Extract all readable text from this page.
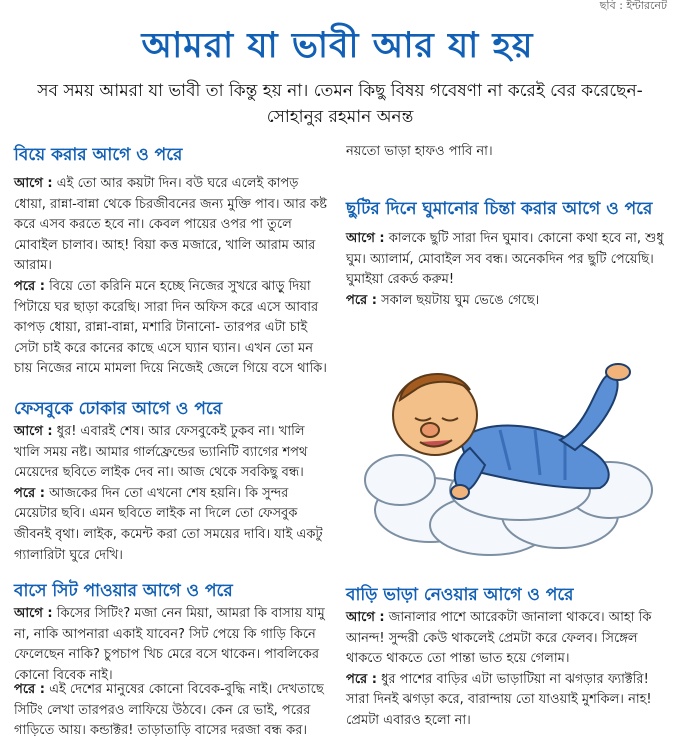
ছবি : ইন্টারনেট
আমরা যা ভাবী আর যা হয়

সব সময় আমরা যা ভাবী তা কিন্তু হয় না। তেমন কিছু বিষয় গবেষণা না করেই বের করেছেন- সোহানুর রহমান অনন্ত

বিয়ে করার আগে ও পরে

আগে : এই তো আর কয়টা দিন। বউ ঘরে এলেই কাপড় ধোয়া, রান্না-বান্না থেকে চিরজীবনের জন্য মুক্তি পাব। আর কষ্ট করে এসব করতে হবে না। কেবল পায়ের ওপর পা তুলে মোবাইল চালাব। আহ! বিয়া কত্ত মজারে, খালি আরাম আর আরাম।

পরে : বিয়ে তো করিনি মনে হচ্ছে নিজের সুখরে ঝাড়ু দিয়া পিটায়ে ঘর ছাড়া করেছি। সারা দিন অফিস করে এসে আবার কাপড় ধোয়া, রান্না-বান্না, মশারি টানানো- তারপর এটা চাই সেটা চাই করে কানের কাছে এসে ঘ্যান ঘ্যান। এখন তো মন চায় নিজের নামে মামলা দিয়ে নিজেই জেলে গিয়ে বসে থাকি।

ফেসবুকে ঢোকার আগে ও পরে

আগে : ধুর! এবারই শেষ। আর ফেসবুকেই ঢুকব না। খালি খালি সময় নষ্ট। আমার গার্লফ্রেন্ডের ভ্যানিটি ব্যাগের শপথ মেয়েদের ছবিতে লাইক দেব না। আজ থেকে সবকিছু বন্ধ।

পরে : আজকের দিন তো এখনো শেষ হয়নি। কি সুন্দর মেয়েটার ছবি। এমন ছবিতে লাইক না দিলে তো ফেসবুক জীবনই বৃথা। লাইক, কমেন্ট করা তো সময়ের দাবি। যাই একটু গ্যালারিটা ঘুরে দেখি।

বাসে সিট পাওয়ার আগে ও পরে

আগে : কিসের সিটিং? মজা নেন মিয়া, আমরা কি বাসায় যামু না, নাকি আপনারা একাই যাবেন? সিট পেয়ে কি গাড়ি কিনে ফেলেছেন নাকি? চুপচাপ খিচ মেরে বসে থাকেন। পাবলিকের কোনো বিবেক নাই।

পরে : এই দেশের মানুষের কোনো বিবেক-বুদ্ধি নাই। দেখতাছে সিটিং লেখা তারপরও লাফিয়ে উঠবে। কেন রে ভাই, পরের গাড়িতে আয়। কন্ডাক্টর! তাড়াতাড়ি বাসের দরজা বন্ধ কর।

নয়তো ভাড়া হাফও পাবি না।

ছুটির দিনে ঘুমানোর চিন্তা করার আগে ও পরে

আগে : কালকে ছুটি সারা দিন ঘুমাব। কোনো কথা হবে না, শুধু ঘুম। অ্যালার্ম, মোবাইল সব বন্ধ। অনেকদিন পর ছুটি পেয়েছি। ঘুমাইয়া রেকর্ড করুম!

পরে : সকাল ছয়টায় ঘুম ভেঙে গেছে।

বাড়ি ভাড়া নেওয়ার আগে ও পরে

আগে : জানালার পাশে আরেকটা জানালা থাকবে। আহা কি আনন্দ! সুন্দরী কেউ থাকলেই প্রেমটা করে ফেলব। সিঙ্গেল থাকতে থাকতে তো পান্তা ভাত হয়ে গেলাম।

পরে : ধুর পাশের বাড়ির এটা ভাড়াটিয়া না ঝগড়ার ফ্যাক্টরি! সারা দিনই ঝগড়া করে, বারান্দায় তো যাওয়াই মুশকিল। নাহ! প্রেমটা এবারও হলো না।
